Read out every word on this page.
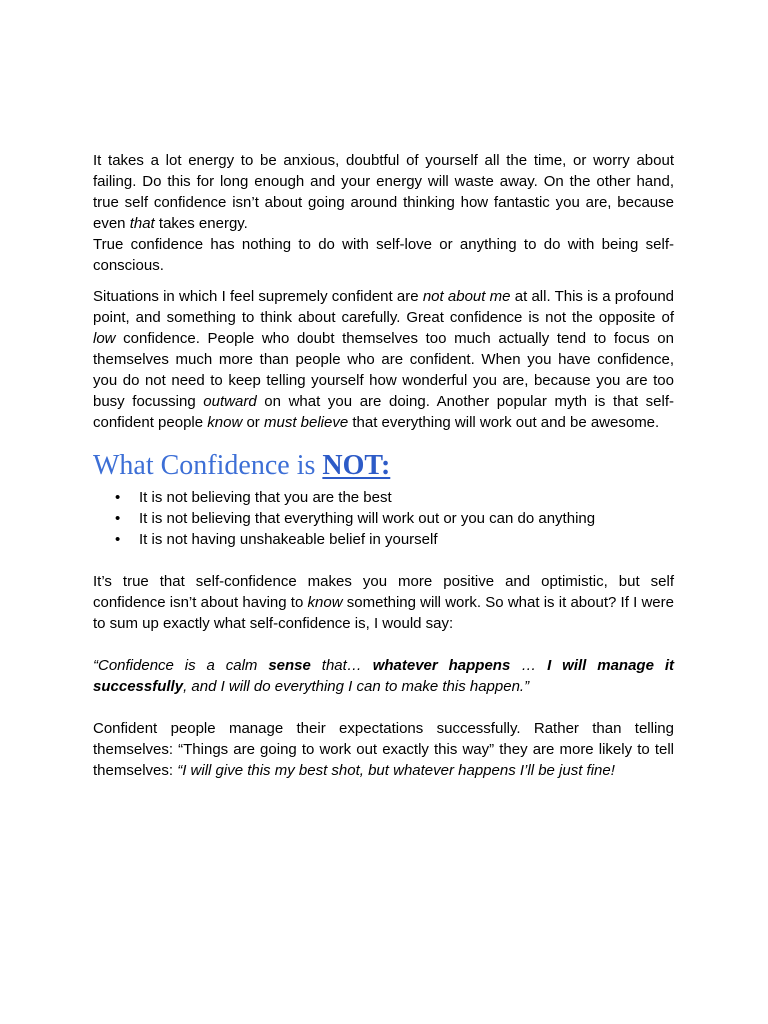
It takes a lot energy to be anxious, doubtful of yourself all the time, or worry about failing. Do this for long enough and your energy will waste away. On the other hand, true self confidence isn’t about going around thinking how fantastic you are, because even that takes energy.

True confidence has nothing to do with self-love or anything to do with being self-conscious.

Situations in which I feel supremely confident are not about me at all. This is a profound point, and something to think about carefully. Great confidence is not the opposite of low confidence. People who doubt themselves too much actually tend to focus on themselves much more than people who are confident. When you have confidence, you do not need to keep telling yourself how wonderful you are, because you are too busy focussing outward on what you are doing. Another popular myth is that self-confident people know or must believe that everything will work out and be awesome.

What Confidence is NOT:
• It is not believing that you are the best
• It is not believing that everything will work out or you can do anything
• It is not having unshakeable belief in yourself

It’s true that self-confidence makes you more positive and optimistic, but self confidence isn’t about having to know something will work. So what is it about? If I were to sum up exactly what self-confidence is, I would say:

“Confidence is a calm sense that… whatever happens … I will manage it successfully, and I will do everything I can to make this happen.”

Confident people manage their expectations successfully. Rather than telling themselves: “Things are going to work out exactly this way” they are more likely to tell themselves: “I will give this my best shot, but whatever happens I’ll be just fine!
